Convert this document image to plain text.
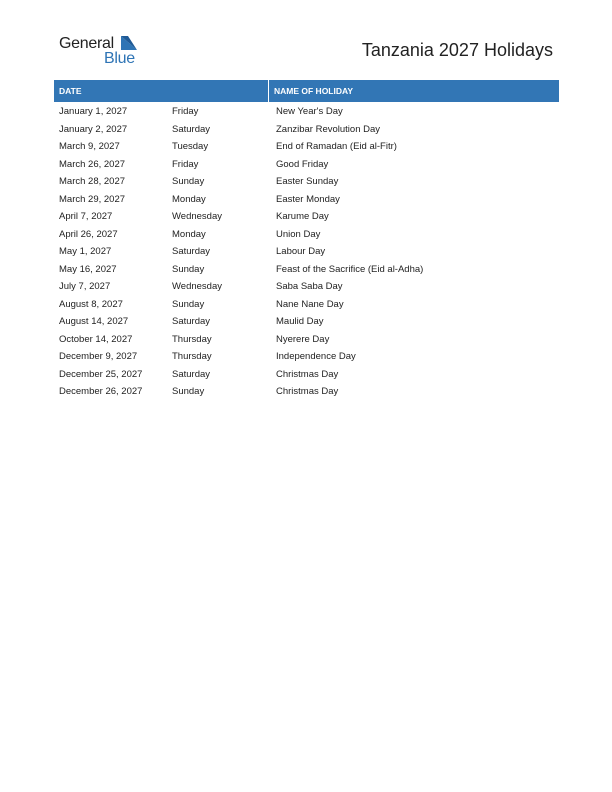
General
Blue	Tanzania 2027 Holidays
DATE	NAME OF HOLIDAY
January 1, 2027	Friday	New Year's Day
January 2, 2027	Saturday	Zanzibar Revolution Day
March 9, 2027	Tuesday	End of Ramadan (Eid al-Fitr)
March 26, 2027	Friday	Good Friday
March 28, 2027	Sunday	Easter Sunday
March 29, 2027	Monday	Easter Monday
April 7, 2027	Wednesday	Karume Day
April 26, 2027	Monday	Union Day
May 1, 2027	Saturday	Labour Day
May 16, 2027	Sunday	Feast of the Sacrifice (Eid al-Adha)
July 7, 2027	Wednesday	Saba Saba Day
August 8, 2027	Sunday	Nane Nane Day
August 14, 2027	Saturday	Maulid Day
October 14, 2027	Thursday	Nyerere Day
December 9, 2027	Thursday	Independence Day
December 25, 2027	Saturday	Christmas Day
December 26, 2027	Sunday	Christmas Day
